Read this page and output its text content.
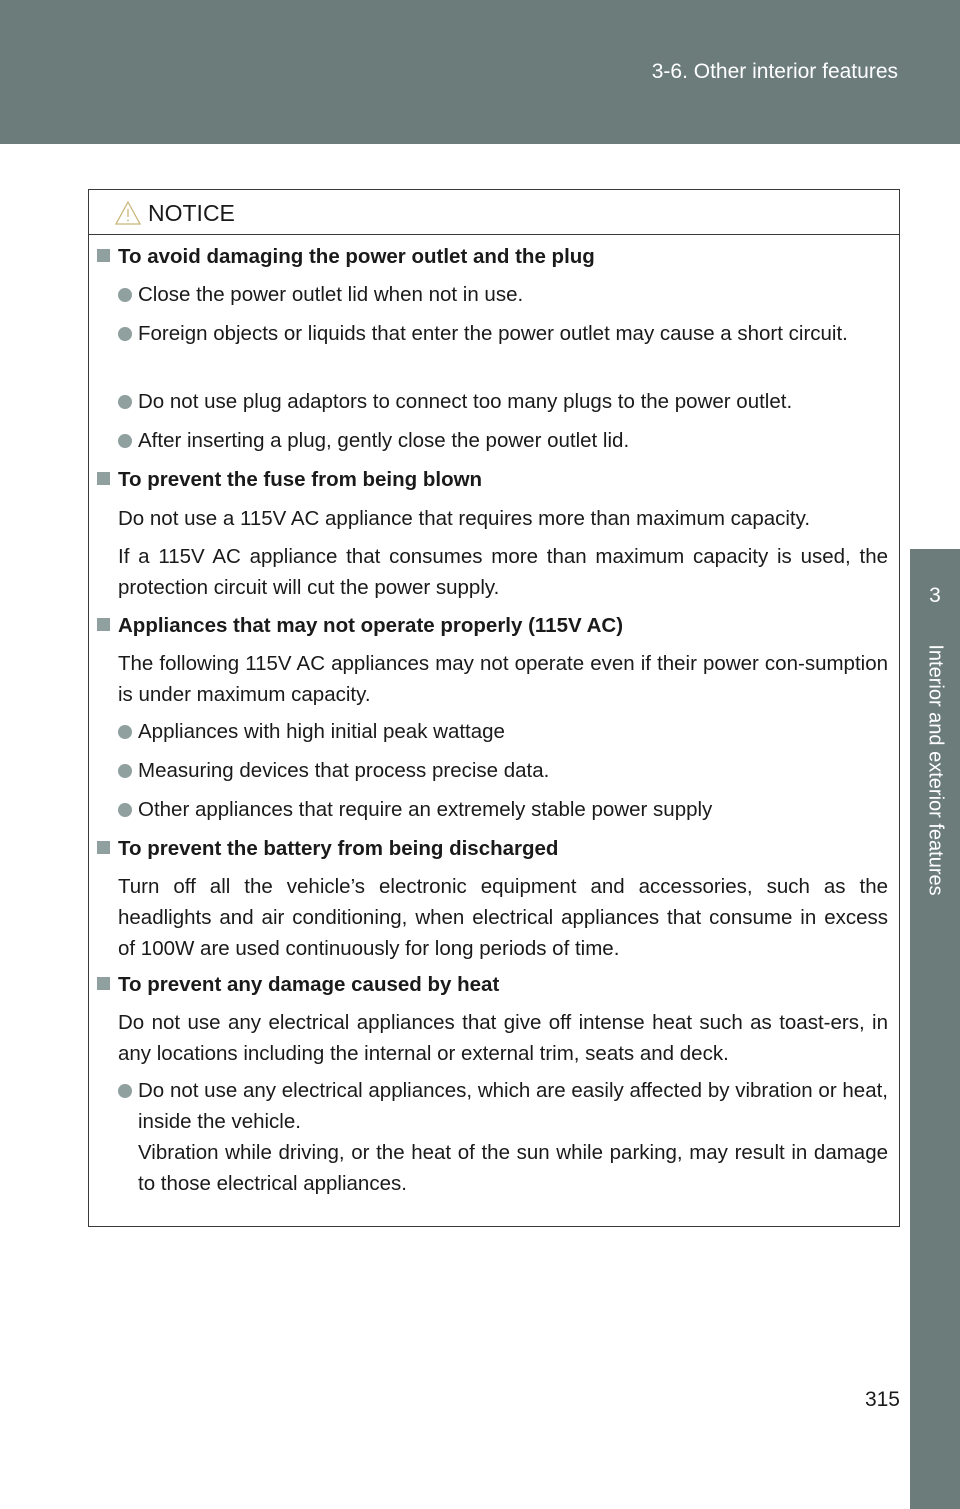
3-6. Other interior features
3
Interior and exterior features
NOTICE
To avoid damaging the power outlet and the plug
Close the power outlet lid when not in use.
Foreign objects or liquids that enter the power outlet may cause a short circuit.
Do not use plug adaptors to connect too many plugs to the power outlet.
After inserting a plug, gently close the power outlet lid.
To prevent the fuse from being blown
Do not use a 115V AC appliance that requires more than maximum capacity.
If a 115V AC appliance that consumes more than maximum capacity is used, the protection circuit will cut the power supply.
Appliances that may not operate properly (115V AC)
The following 115V AC appliances may not operate even if their power con-sumption is under maximum capacity.
Appliances with high initial peak wattage
Measuring devices that process precise data.
Other appliances that require an extremely stable power supply
To prevent the battery from being discharged
Turn off all the vehicle’s electronic equipment and accessories, such as the headlights and air conditioning, when electrical appliances that consume in excess of 100W are used continuously for long periods of time.
To prevent any damage caused by heat
Do not use any electrical appliances that give off intense heat such as toast-ers, in any locations including the internal or external trim, seats and deck.
Do not use any electrical appliances, which are easily affected by vibration or heat, inside the vehicle.
Vibration while driving, or the heat of the sun while parking, may result in damage to those electrical appliances.
315
